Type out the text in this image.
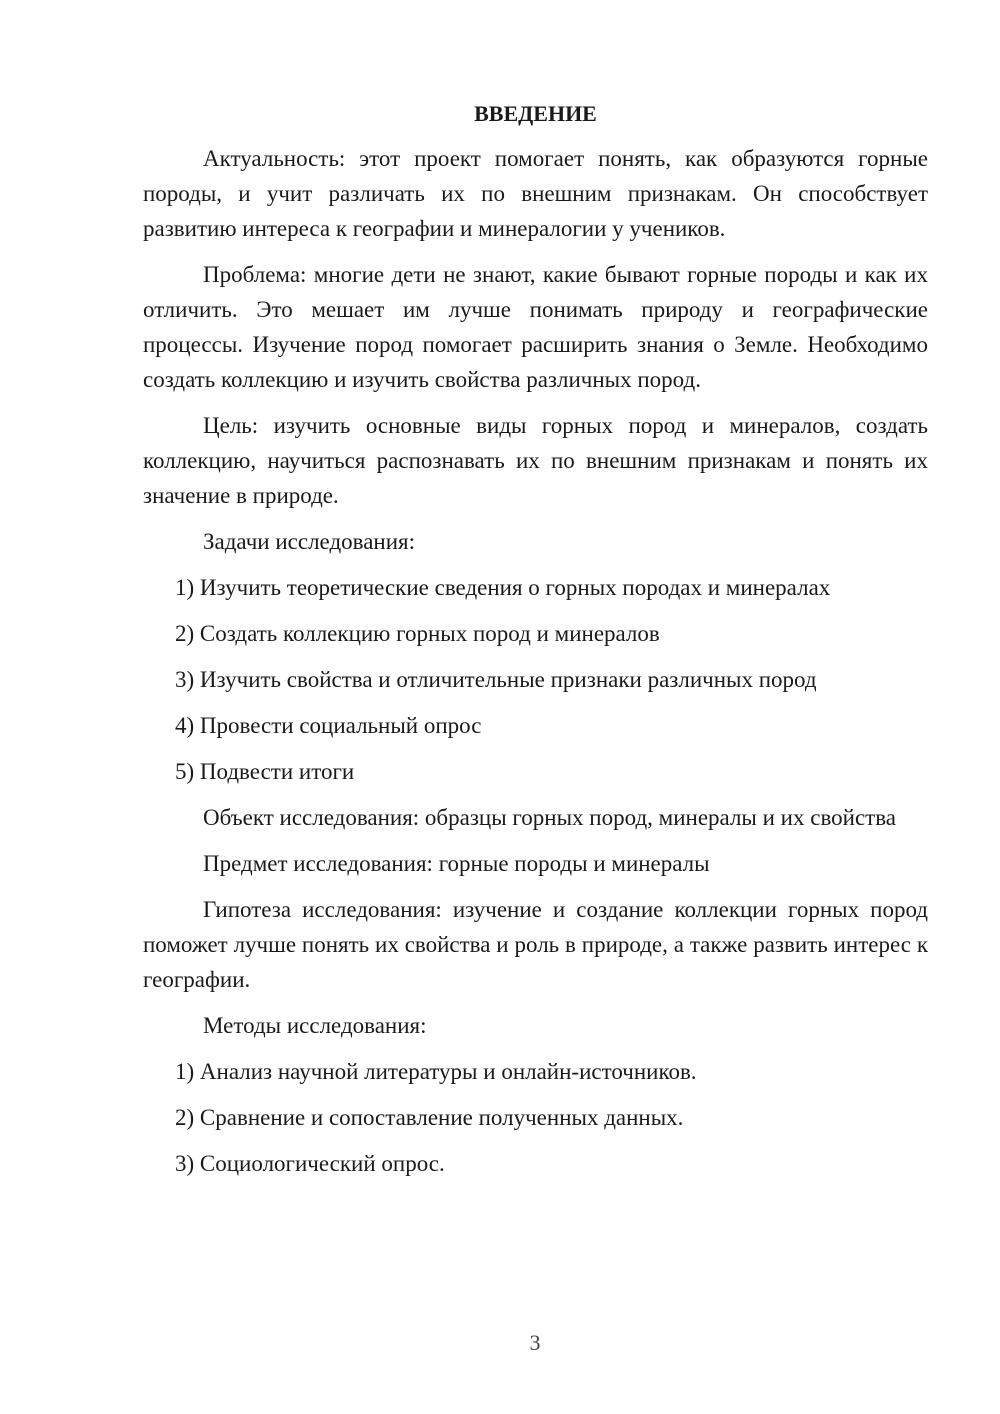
ВВЕДЕНИЕ

Актуальность: этот проект помогает понять, как образуются горные породы, и учит различать их по внешним признакам. Он способствует развитию интереса к географии и минералогии у учеников.

Проблема: многие дети не знают, какие бывают горные породы и как их отличить. Это мешает им лучше понимать природу и географические процессы. Изучение пород помогает расширить знания о Земле. Необходимо создать коллекцию и изучить свойства различных пород.

Цель: изучить основные виды горных пород и минералов, создать коллекцию, научиться распознавать их по внешним признакам и понять их значение в природе.

Задачи исследования:

1) Изучить теоретические сведения о горных породах и минералах

2) Создать коллекцию горных пород и минералов

3) Изучить свойства и отличительные признаки различных пород

4) Провести социальный опрос

5) Подвести итоги

Объект исследования: образцы горных пород, минералы и их свойства

Предмет исследования: горные породы и минералы

Гипотеза исследования: изучение и создание коллекции горных пород поможет лучше понять их свойства и роль в природе, а также развить интерес к географии.

Методы исследования:

1) Анализ научной литературы и онлайн-источников.

2) Сравнение и сопоставление полученных данных.

3) Социологический опрос.

3
